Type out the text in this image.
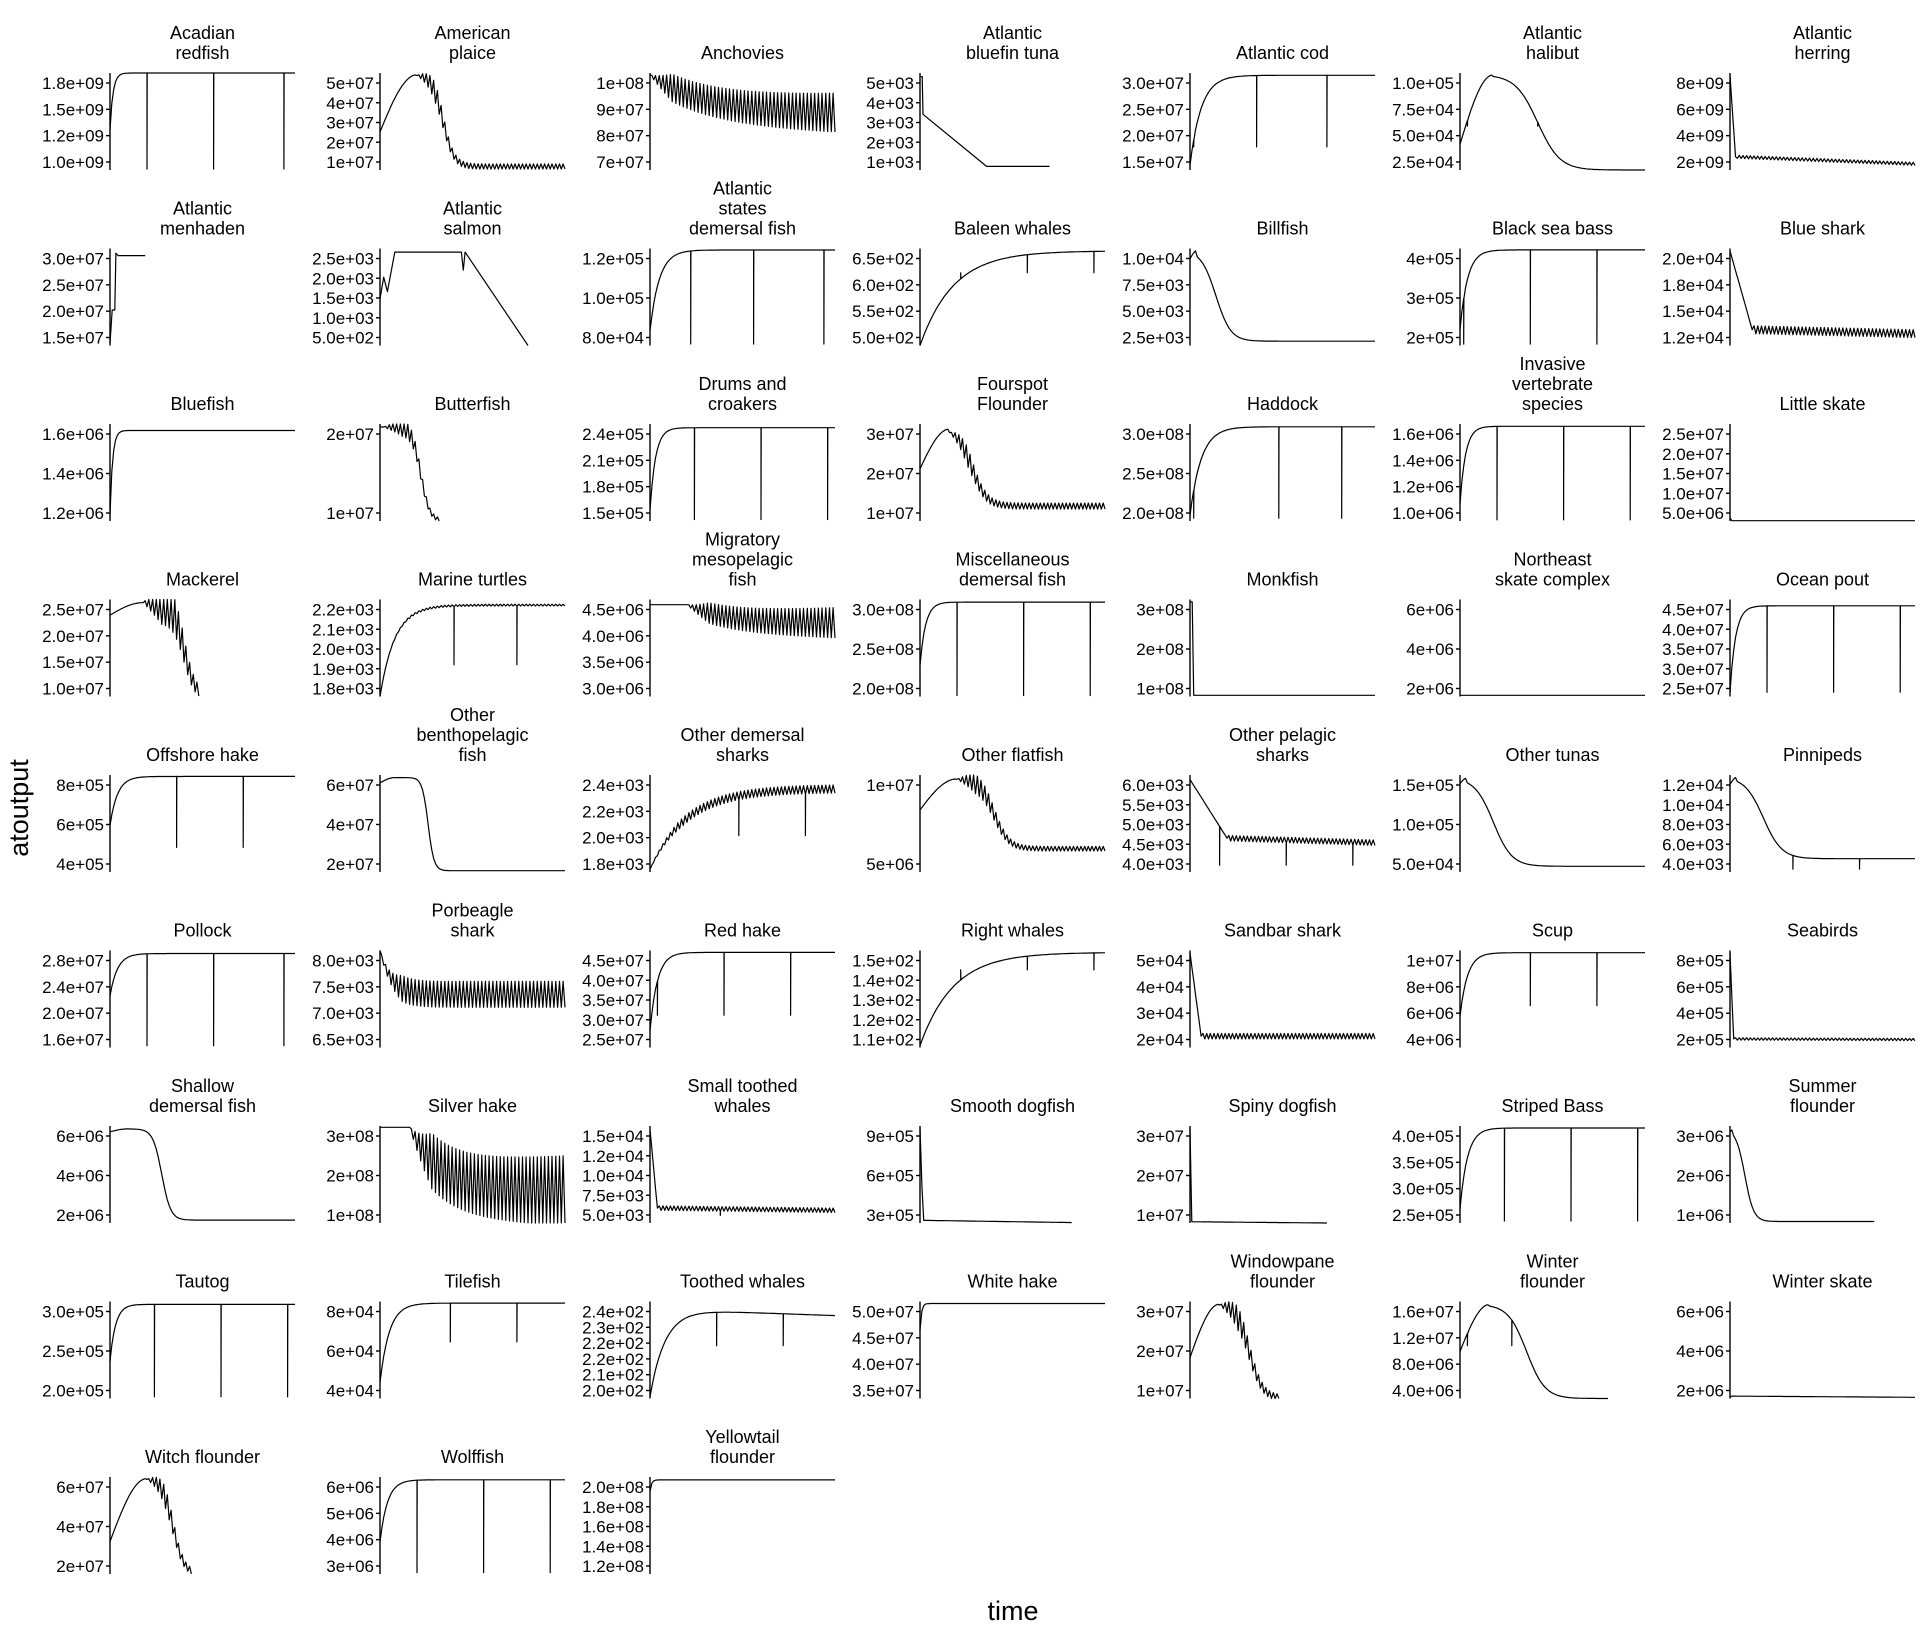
Acadian redfish
1.8e+09
1.5e+09
1.2e+09
1.0e+09
American plaice
5e+07
4e+07
3e+07
2e+07
1e+07
Anchovies
1e+08
9e+07
8e+07
7e+07
Atlantic bluefin tuna
5e+03
4e+03
3e+03
2e+03
1e+03
Atlantic cod
3.0e+07
2.5e+07
2.0e+07
1.5e+07
Atlantic halibut
1.0e+05
7.5e+04
5.0e+04
2.5e+04
Atlantic herring
8e+09
6e+09
4e+09
2e+09
Atlantic menhaden
3.0e+07
2.5e+07
2.0e+07
1.5e+07
Atlantic salmon
2.5e+03
2.0e+03
1.5e+03
1.0e+03
5.0e+02
Atlantic states demersal fish
1.2e+05
1.0e+05
8.0e+04
Baleen whales
6.5e+02
6.0e+02
5.5e+02
5.0e+02
Billfish
1.0e+04
7.5e+03
5.0e+03
2.5e+03
Black sea bass
4e+05
3e+05
2e+05
Blue shark
2.0e+04
1.8e+04
1.5e+04
1.2e+04
Bluefish
1.6e+06
1.4e+06
1.2e+06
Butterfish
2e+07
1e+07
Drums and croakers
2.4e+05
2.1e+05
1.8e+05
1.5e+05
Fourspot Flounder
3e+07
2e+07
1e+07
Haddock
3.0e+08
2.5e+08
2.0e+08
Invasive vertebrate species
1.6e+06
1.4e+06
1.2e+06
1.0e+06
Little skate
2.5e+07
2.0e+07
1.5e+07
1.0e+07
5.0e+06
Mackerel
2.5e+07
2.0e+07
1.5e+07
1.0e+07
Marine turtles
2.2e+03
2.1e+03
2.0e+03
1.9e+03
1.8e+03
Migratory mesopelagic fish
4.5e+06
4.0e+06
3.5e+06
3.0e+06
Miscellaneous demersal fish
3.0e+08
2.5e+08
2.0e+08
Monkfish
3e+08
2e+08
1e+08
Northeast skate complex
6e+06
4e+06
2e+06
Ocean pout
4.5e+07
4.0e+07
3.5e+07
3.0e+07
2.5e+07
Offshore hake
8e+05
6e+05
4e+05
Other benthopelagic fish
6e+07
4e+07
2e+07
Other demersal sharks
2.4e+03
2.2e+03
2.0e+03
1.8e+03
Other flatfish
1e+07
5e+06
Other pelagic sharks
6.0e+03
5.5e+03
5.0e+03
4.5e+03
4.0e+03
Other tunas
1.5e+05
1.0e+05
5.0e+04
Pinnipeds
1.2e+04
1.0e+04
8.0e+03
6.0e+03
4.0e+03
Pollock
2.8e+07
2.4e+07
2.0e+07
1.6e+07
Porbeagle shark
8.0e+03
7.5e+03
7.0e+03
6.5e+03
Red hake
4.5e+07
4.0e+07
3.5e+07
3.0e+07
2.5e+07
Right whales
1.5e+02
1.4e+02
1.3e+02
1.2e+02
1.1e+02
Sandbar shark
5e+04
4e+04
3e+04
2e+04
Scup
1e+07
8e+06
6e+06
4e+06
Seabirds
8e+05
6e+05
4e+05
2e+05
Shallow demersal fish
6e+06
4e+06
2e+06
Silver hake
3e+08
2e+08
1e+08
Small toothed whales
1.5e+04
1.2e+04
1.0e+04
7.5e+03
5.0e+03
Smooth dogfish
9e+05
6e+05
3e+05
Spiny dogfish
3e+07
2e+07
1e+07
Striped Bass
4.0e+05
3.5e+05
3.0e+05
2.5e+05
Summer flounder
3e+06
2e+06
1e+06
Tautog
3.0e+05
2.5e+05
2.0e+05
Tilefish
8e+04
6e+04
4e+04
Toothed whales
2.4e+02
2.3e+02
2.2e+02
2.2e+02
2.1e+02
2.0e+02
White hake
5.0e+07
4.5e+07
4.0e+07
3.5e+07
Windowpane flounder
3e+07
2e+07
1e+07
Winter flounder
1.6e+07
1.2e+07
8.0e+06
4.0e+06
Winter skate
6e+06
4e+06
2e+06
Witch flounder
6e+07
4e+07
2e+07
Wolffish
6e+06
5e+06
4e+06
3e+06
Yellowtail flounder
2.0e+08
1.8e+08
1.6e+08
1.4e+08
1.2e+08
atoutput
time
